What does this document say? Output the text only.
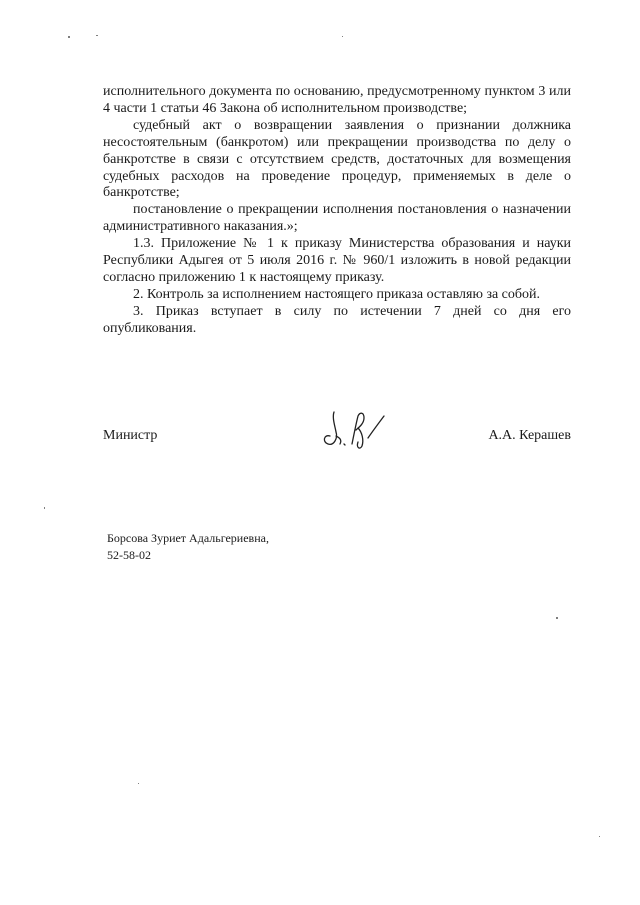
исполнительного документа по основанию, предусмотренному пунктом 3 или 4 части 1 статьи 46 Закона об исполнительном производстве;

судебный акт о возвращении заявления о признании должника несостоятельным (банкротом) или прекращении производства по делу о банкротстве в связи с отсутствием средств, достаточных для возмещения судебных расходов на проведение процедур, применяемых в деле о банкротстве;

постановление о прекращении исполнения постановления о назначении административного наказания.»;

1.3. Приложение № 1 к приказу Министерства образования и науки Республики Адыгея от 5 июля 2016 г. № 960/1 изложить в новой редакции согласно приложению 1 к настоящему приказу.

2. Контроль за исполнением настоящего приказа оставляю за собой.

3. Приказ вступает в силу по истечении 7 дней со дня его опубликования.

Министр	А.А. Керашев
Борсова Зуриет Адальгериевна,
52-58-02
